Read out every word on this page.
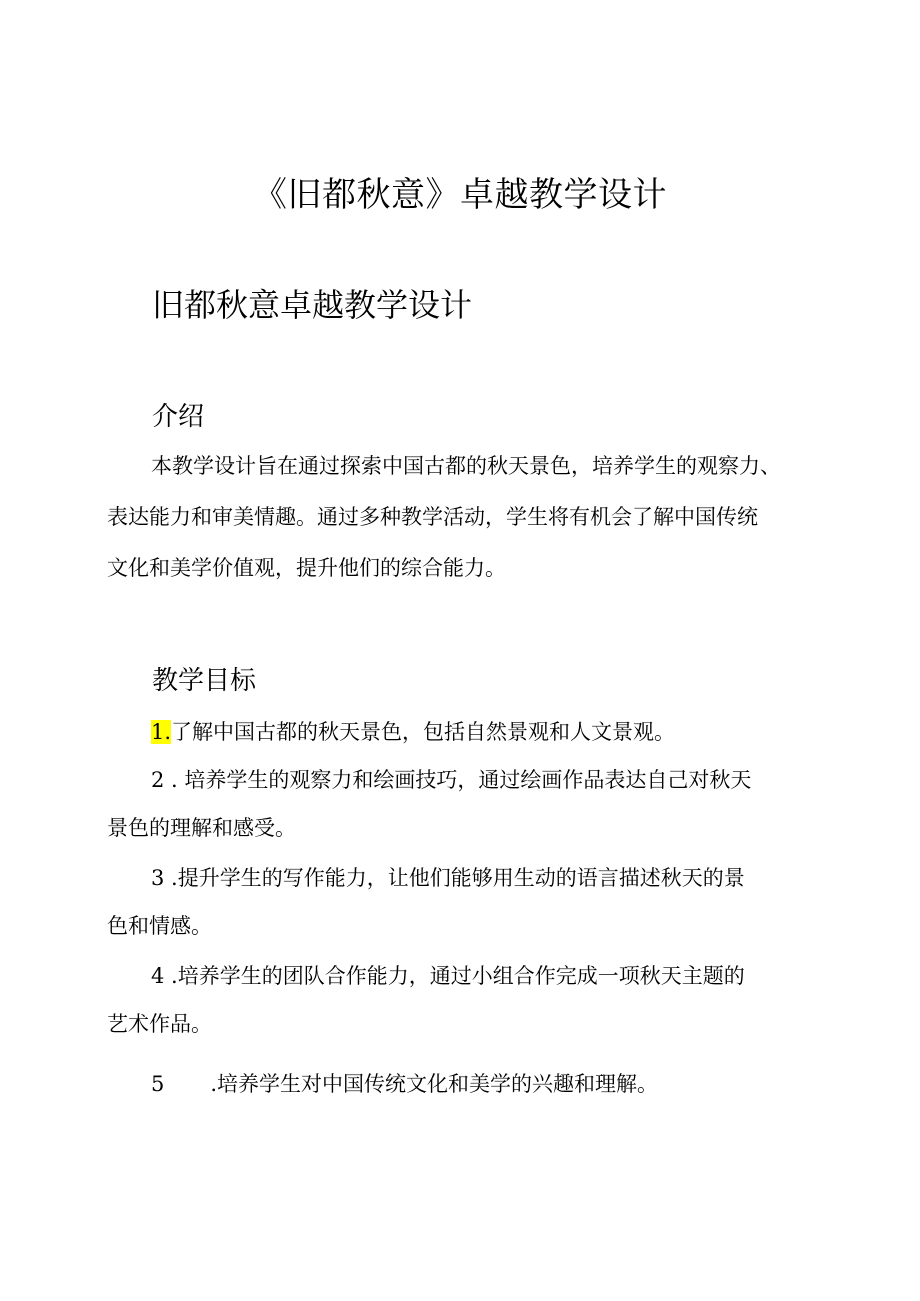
《旧都秋意》卓越教学设计
旧都秋意卓越教学设计
介绍
本教学设计旨在通过探索中国古都的秋天景色，培养学生的观察力、
表达能力和审美情趣。通过多种教学活动，学生将有机会了解中国传统
文化和美学价值观，提升他们的综合能力。
教学目标
1.了解中国古都的秋天景色，包括自然景观和人文景观。
2 . 培养学生的观察力和绘画技巧，通过绘画作品表达自己对秋天
景色的理解和感受。
3 .提升学生的写作能力，让他们能够用生动的语言描述秋天的景
色和情感。
4 .培养学生的团队合作能力，通过小组合作完成一项秋天主题的
艺术作品。
5 .培养学生对中国传统文化和美学的兴趣和理解。
